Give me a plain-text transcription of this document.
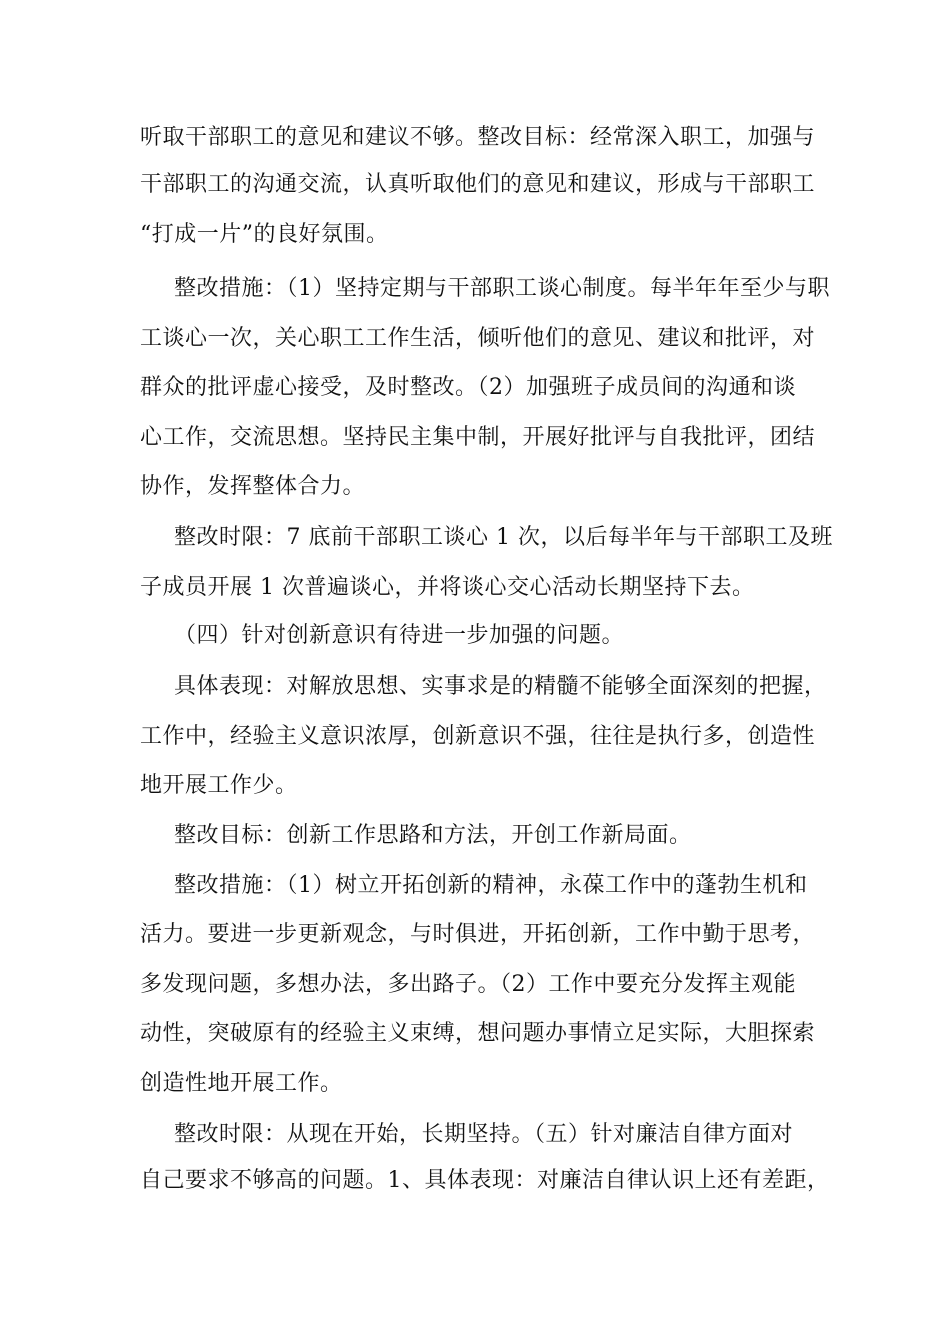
听取干部职工的意见和建议不够。整改目标：经常深入职工，加强与
干部职工的沟通交流，认真听取他们的意见和建议，形成与干部职工
“打成一片”的良好氛围。
整改措施：（1）坚持定期与干部职工谈心制度。每半年年至少与职
工谈心一次，关心职工工作生活，倾听他们的意见、建议和批评，对
群众的批评虚心接受，及时整改。（2）加强班子成员间的沟通和谈
心工作，交流思想。坚持民主集中制，开展好批评与自我批评，团结
协作，发挥整体合力。
整改时限：7 底前干部职工谈心 1 次，以后每半年与干部职工及班
子成员开展 1 次普遍谈心，并将谈心交心活动长期坚持下去。
（四）针对创新意识有待进一步加强的问题。
具体表现：对解放思想、实事求是的精髓不能够全面深刻的把握，
工作中，经验主义意识浓厚，创新意识不强，往往是执行多，创造性
地开展工作少。
整改目标：创新工作思路和方法，开创工作新局面。
整改措施：（1）树立开拓创新的精神，永葆工作中的蓬勃生机和
活力。要进一步更新观念，与时俱进，开拓创新，工作中勤于思考，
多发现问题，多想办法，多出路子。（2）工作中要充分发挥主观能
动性，突破原有的经验主义束缚，想问题办事情立足实际，大胆探索
创造性地开展工作。
整改时限：从现在开始，长期坚持。（五）针对廉洁自律方面对
自己要求不够高的问题。1、具体表现：对廉洁自律认识上还有差距，
